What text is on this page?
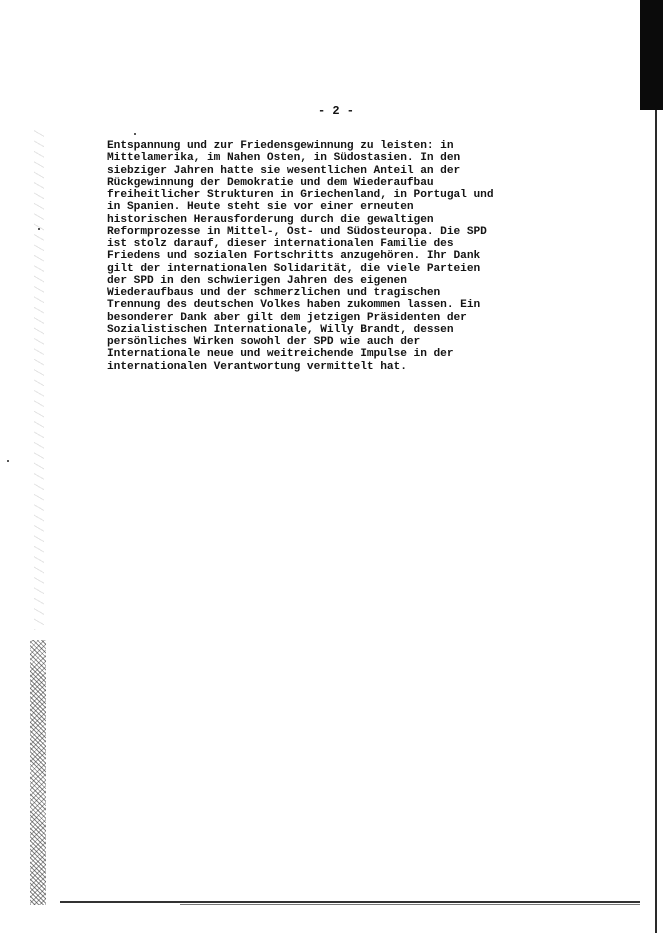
- 2 -
Entspannung und zur Friedensgewinnung zu leisten: in
Mittelamerika, im Nahen Osten, in Südostasien. In den
siebziger Jahren hatte sie wesentlichen Anteil an der
Rückgewinnung der Demokratie und dem Wiederaufbau
freiheitlicher Strukturen in Griechenland, in Portugal und
in Spanien. Heute steht sie vor einer erneuten
historischen Herausforderung durch die gewaltigen
Reformprozesse in Mittel-, Ost- und Südosteuropa. Die SPD
ist stolz darauf, dieser internationalen Familie des
Friedens und sozialen Fortschritts anzugehören. Ihr Dank
gilt der internationalen Solidarität, die viele Parteien
der SPD in den schwierigen Jahren des eigenen
Wiederaufbaus und der schmerzlichen und tragischen
Trennung des deutschen Volkes haben zukommen lassen. Ein
besonderer Dank aber gilt dem jetzigen Präsidenten der
Sozialistischen Internationale, Willy Brandt, dessen
persönliches Wirken sowohl der SPD wie auch der
Internationale neue und weitreichende Impulse in der
internationalen Verantwortung vermittelt hat.
